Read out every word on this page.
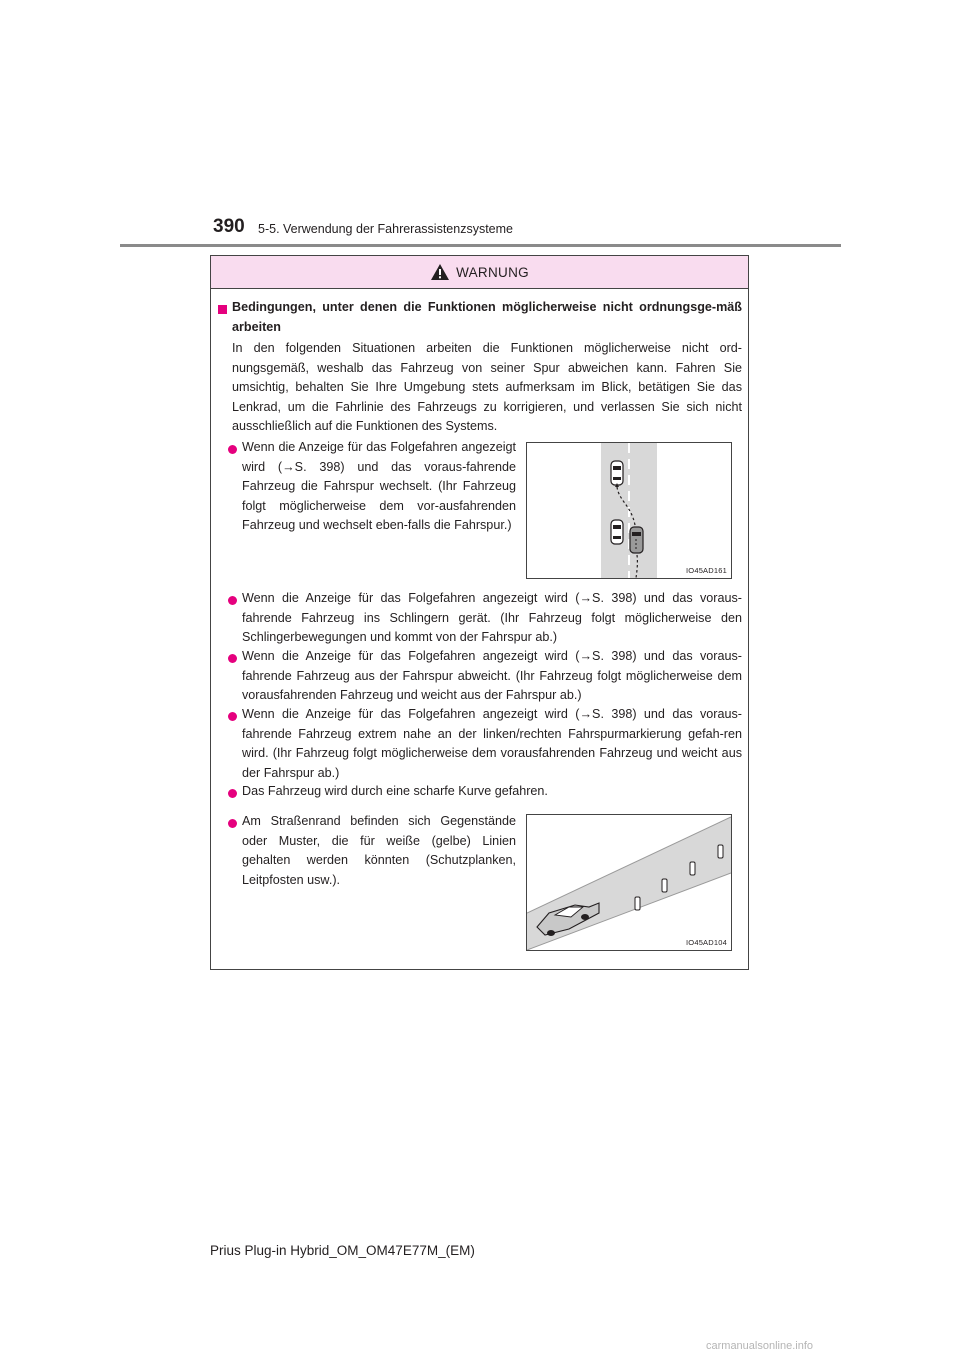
390 5-5. Verwendung der Fahrerassistenzsysteme
WARNUNG
Bedingungen, unter denen die Funktionen möglicherweise nicht ordnungsge-mäß arbeiten
In den folgenden Situationen arbeiten die Funktionen möglicherweise nicht ord-nungsgemäß, weshalb das Fahrzeug von seiner Spur abweichen kann. Fahren Sie umsichtig, behalten Sie Ihre Umgebung stets aufmerksam im Blick, betätigen Sie das Lenkrad, um die Fahrlinie des Fahrzeugs zu korrigieren, und verlassen Sie sich nicht ausschließlich auf die Funktionen des Systems.
Wenn die Anzeige für das Folgefahren angezeigt wird (→S. 398) und das voraus-fahrende Fahrzeug die Fahrspur wechselt. (Ihr Fahrzeug folgt möglicherweise dem vor-ausfahrenden Fahrzeug und wechselt eben-falls die Fahrspur.)
IO45AD161
Wenn die Anzeige für das Folgefahren angezeigt wird (→S. 398) und das voraus-fahrende Fahrzeug ins Schlingern gerät. (Ihr Fahrzeug folgt möglicherweise den Schlingerbewegungen und kommt von der Fahrspur ab.)
Wenn die Anzeige für das Folgefahren angezeigt wird (→S. 398) und das voraus-fahrende Fahrzeug aus der Fahrspur abweicht. (Ihr Fahrzeug folgt möglicherweise dem vorausfahrenden Fahrzeug und weicht aus der Fahrspur ab.)
Wenn die Anzeige für das Folgefahren angezeigt wird (→S. 398) und das voraus-fahrende Fahrzeug extrem nahe an der linken/rechten Fahrspurmarkierung gefah-ren wird. (Ihr Fahrzeug folgt möglicherweise dem vorausfahrenden Fahrzeug und weicht aus der Fahrspur ab.)
Das Fahrzeug wird durch eine scharfe Kurve gefahren.
Am Straßenrand befinden sich Gegenstände oder Muster, die für weiße (gelbe) Linien gehalten werden könnten (Schutzplanken, Leitpfosten usw.).
IO45AD104
Prius Plug-in Hybrid_OM_OM47E77M_(EM)
carmanualsonline.info
